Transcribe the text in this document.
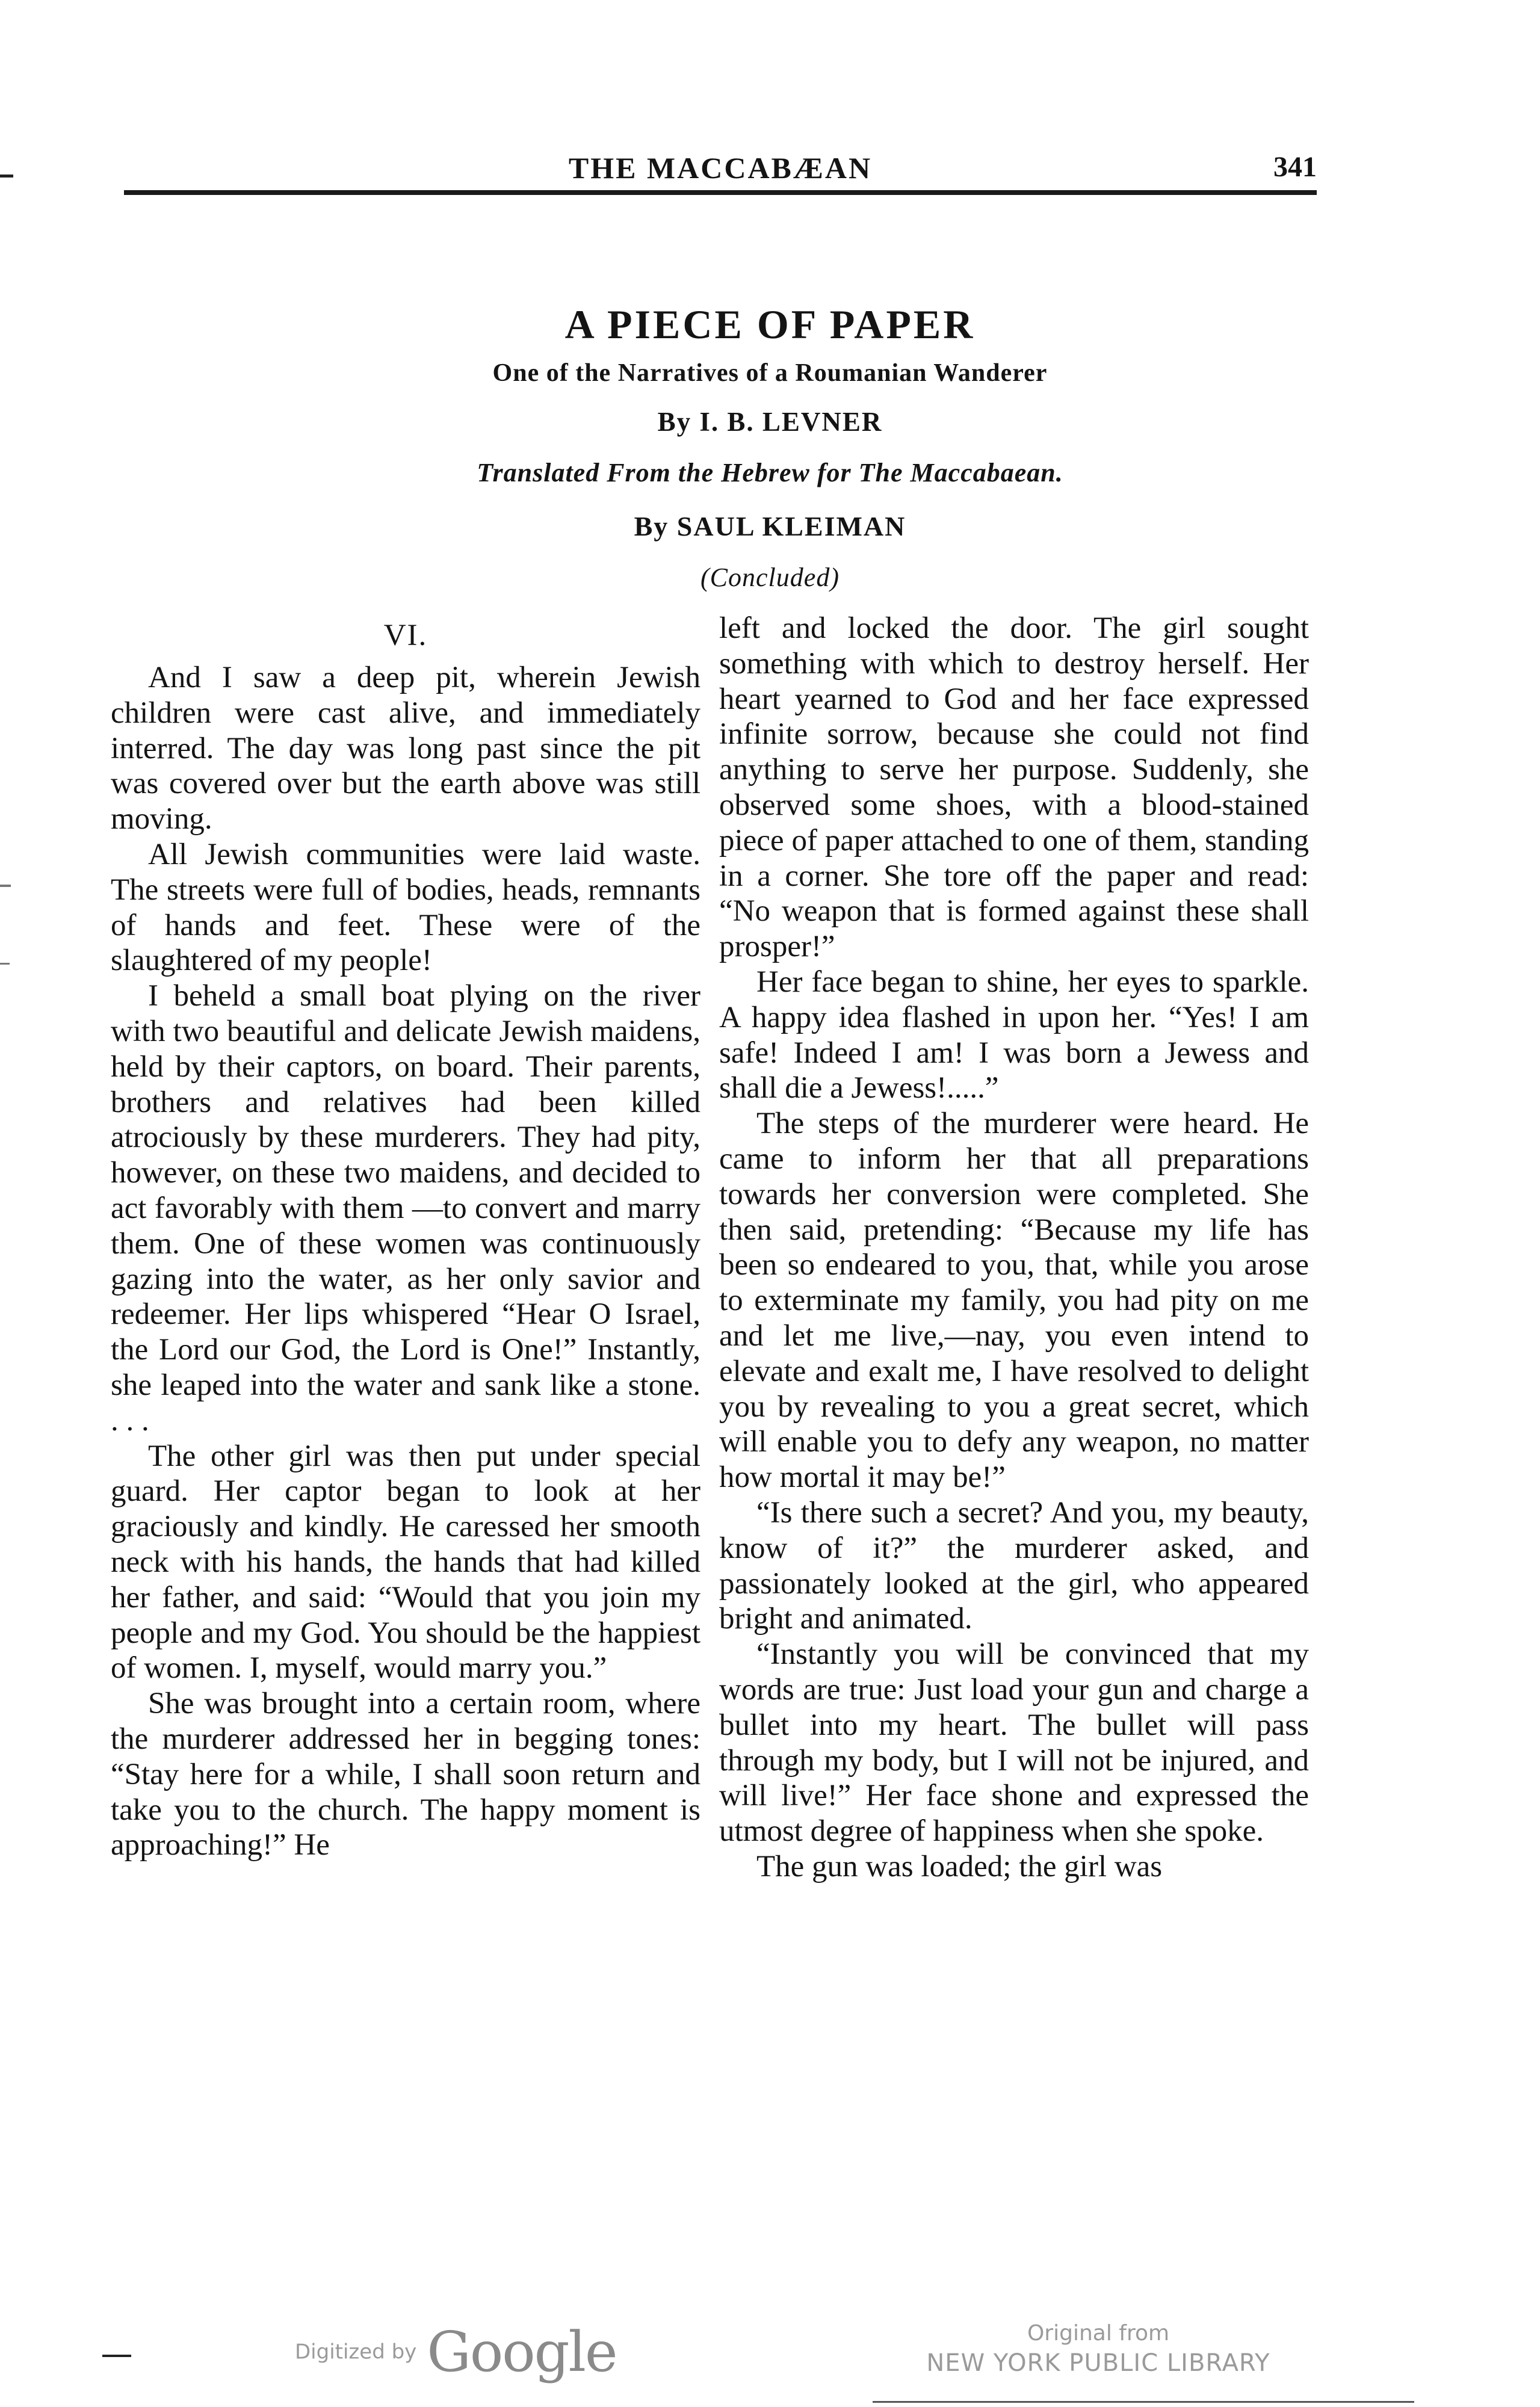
THE MACCABÆAN	341
A PIECE OF PAPER
One of the Narratives of a Roumanian Wanderer
By I. B. LEVNER
Translated From the Hebrew for The Maccabaean.
By SAUL KLEIMAN
(Concluded)
VI.

And I saw a deep pit, wherein Jewish children were cast alive, and immediately interred. The day was long past since the pit was covered over but the earth above was still moving.

All Jewish communities were laid waste. The streets were full of bodies, heads, remnants of hands and feet. These were of the slaughtered of my people!

I beheld a small boat plying on the river with two beautiful and delicate Jewish maidens, held by their captors, on board. Their parents, brothers and relatives had been killed atrociously by these murderers. They had pity, however, on these two maidens, and decided to act favorably with them —to convert and marry them. One of these women was continuously gazing into the water, as her only savior and redeemer. Her lips whispered “Hear O Israel, the Lord our God, the Lord is One!” Instantly, she leaped into the water and sank like a stone. . . .

The other girl was then put under special guard. Her captor began to look at her graciously and kindly. He caressed her smooth neck with his hands, the hands that had killed her father, and said: “Would that you join my people and my God. You should be the happiest of women. I, myself, would marry you.”

She was brought into a certain room, where the murderer addressed her in begging tones: “Stay here for a while, I shall soon return and take you to the church. The happy moment is approaching!” He

left and locked the door. The girl sought something with which to destroy herself. Her heart yearned to God and her face expressed infinite sorrow, because she could not find anything to serve her purpose. Suddenly, she observed some shoes, with a blood-stained piece of paper attached to one of them, standing in a corner. She tore off the paper and read: “No weapon that is formed against these shall prosper!”

Her face began to shine, her eyes to sparkle. A happy idea flashed in upon her. “Yes! I am safe! Indeed I am! I was born a Jewess and shall die a Jewess!.....”

The steps of the murderer were heard. He came to inform her that all preparations towards her conversion were completed. She then said, pretending: “Because my life has been so endeared to you, that, while you arose to exterminate my family, you had pity on me and let me live,—nay, you even intend to elevate and exalt me, I have resolved to delight you by revealing to you a great secret, which will enable you to defy any weapon, no matter how mortal it may be!”

“Is there such a secret? And you, my beauty, know of it?” the murderer asked, and passionately looked at the girl, who appeared bright and animated.

“Instantly you will be convinced that my words are true: Just load your gun and charge a bullet into my heart. The bullet will pass through my body, but I will not be injured, and will live!” Her face shone and expressed the utmost degree of happiness when she spoke.

The gun was loaded; the girl was

Digitized by Google	Original from
NEW YORK PUBLIC LIBRARY
